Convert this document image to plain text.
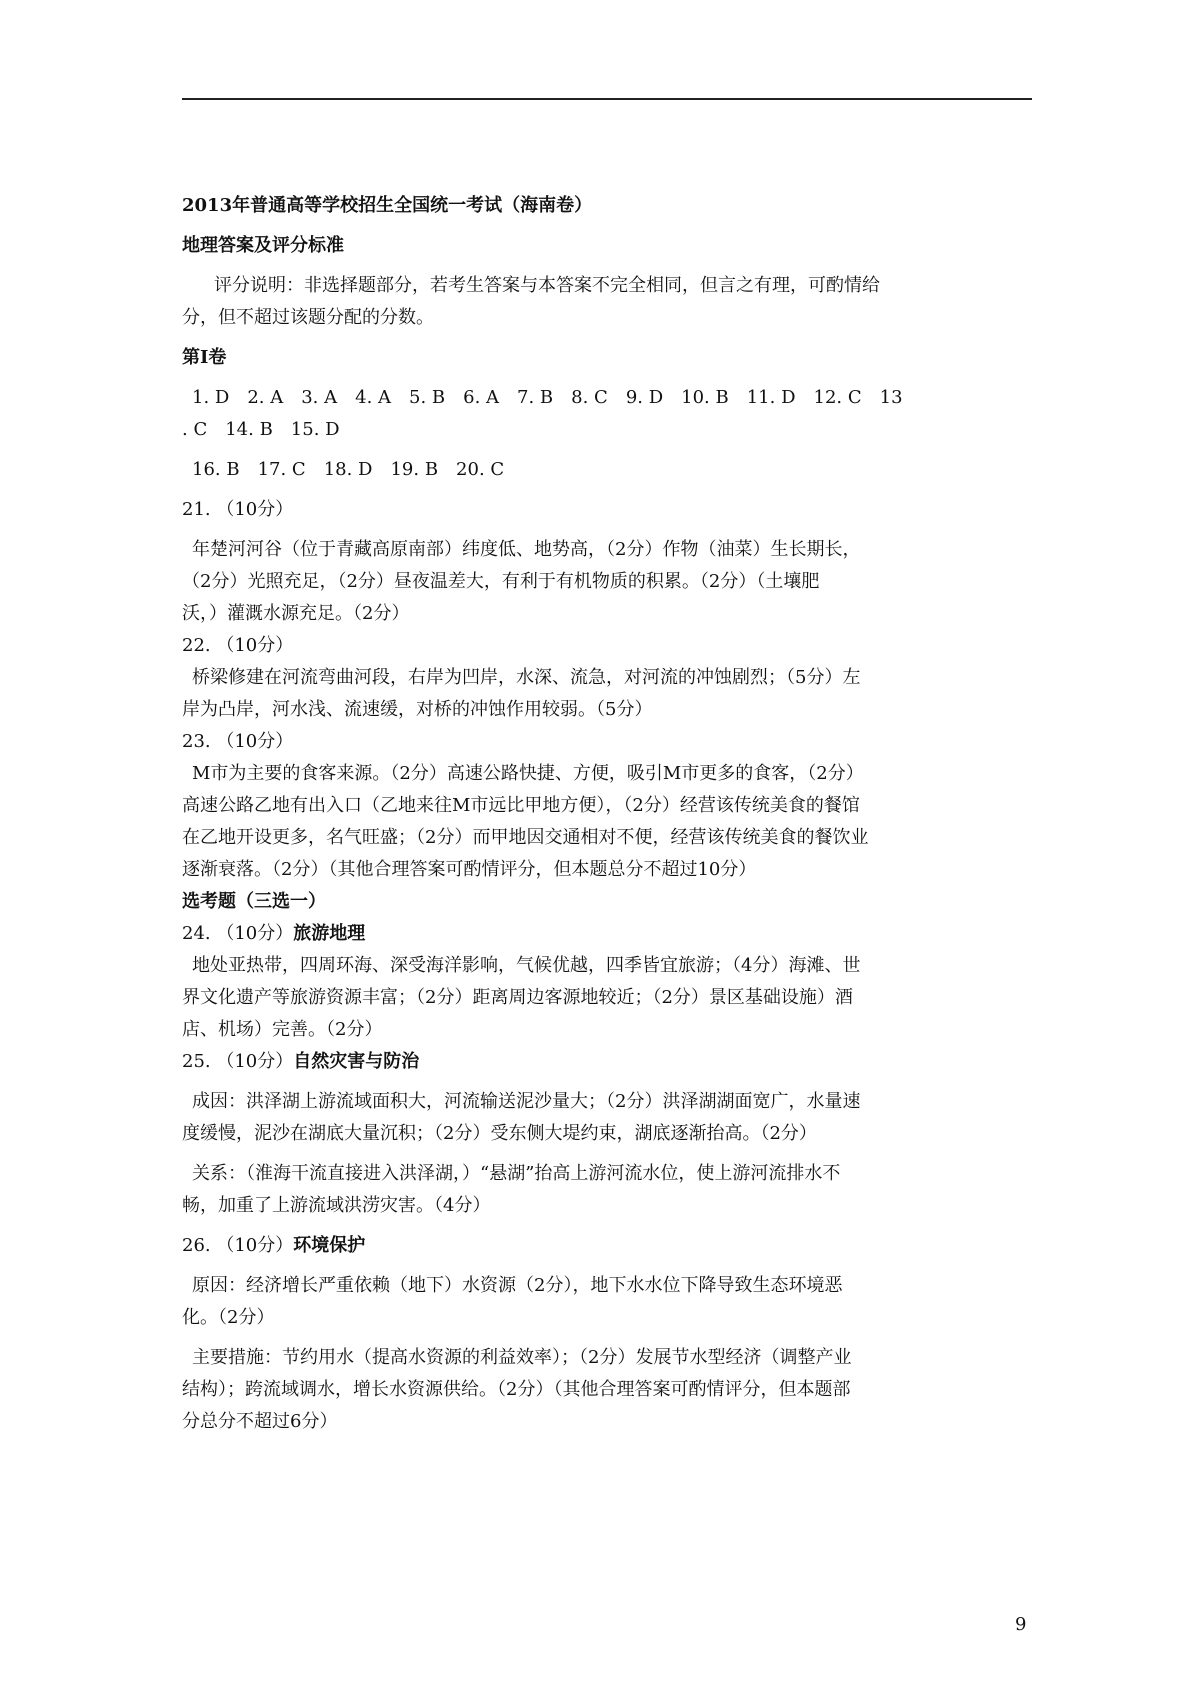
2013年普通高等学校招生全国统一考试（海南卷）
地理答案及评分标准
评分说明：非选择题部分，若考生答案与本答案不完全相同，但言之有理，可酌情给
分，但不超过该题分配的分数。
第Ⅰ卷
1. D　2. A　3. A　4. A　5. B　6. A　7. B　8. C　9. D　10. B　11. D　12. C　13
. C　14. B　15. D
16. B　17. C　18. D　19. B　20. C
21. （10分）
年楚河河谷（位于青藏高原南部）纬度低、地势高，（2分）作物（油菜）生长期长，
（2分）光照充足，（2分）昼夜温差大，有利于有机物质的积累。（2分）（土壤肥
沃，）灌溉水源充足。（2分）
22. （10分）
桥梁修建在河流弯曲河段，右岸为凹岸，水深、流急，对河流的冲蚀剧烈；（5分）左
岸为凸岸，河水浅、流速缓，对桥的冲蚀作用较弱。（5分）
23. （10分）
M市为主要的食客来源。（2分）高速公路快捷、方便，吸引M市更多的食客，（2分）
高速公路乙地有出入口（乙地来往M市远比甲地方便），（2分）经营该传统美食的餐馆
在乙地开设更多，名气旺盛；（2分）而甲地因交通相对不便，经营该传统美食的餐饮业
逐渐衰落。（2分）（其他合理答案可酌情评分，但本题总分不超过10分）
选考题（三选一）
24. （10分）旅游地理
地处亚热带，四周环海、深受海洋影响，气候优越，四季皆宜旅游；（4分）海滩、世
界文化遗产等旅游资源丰富；（2分）距离周边客源地较近；（2分）景区基础设施）酒
店、机场）完善。（2分）
25. （10分）自然灾害与防治
成因：洪泽湖上游流域面积大，河流输送泥沙量大；（2分）洪泽湖湖面宽广，水量速
度缓慢，泥沙在湖底大量沉积；（2分）受东侧大堤约束，湖底逐渐抬高。（2分）
关系：（淮海干流直接进入洪泽湖，）“悬湖”抬高上游河流水位，使上游河流排水不
畅，加重了上游流域洪涝灾害。（4分）
26. （10分）环境保护
原因：经济增长严重依赖（地下）水资源（2分），地下水水位下降导致生态环境恶
化。（2分）
主要措施：节约用水（提高水资源的利益效率）；（2分）发展节水型经济（调整产业
结构）；跨流域调水，增长水资源供给。（2分）（其他合理答案可酌情评分，但本题部
分总分不超过6分）
9
